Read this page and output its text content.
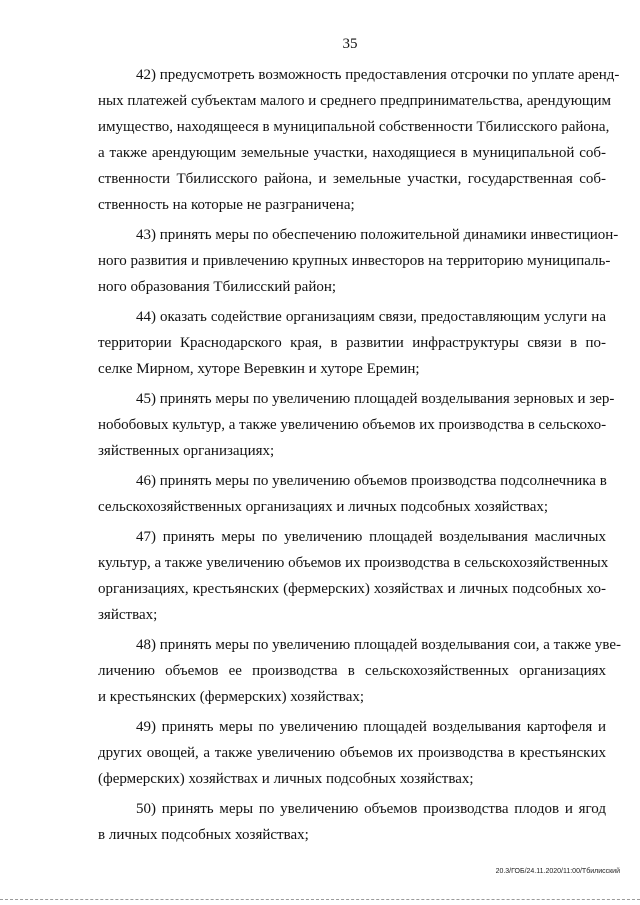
35
42) предусмотреть возможность предоставления отсрочки по уплате аренд-
ных платежей субъектам малого и среднего предпринимательства, арендующим
имущество, находящееся в муниципальной собственности Тбилисского района,
а также арендующим земельные участки, находящиеся в муниципальной соб-
ственности Тбилисского района, и земельные участки, государственная соб-
ственность на которые не разграничена;
43) принять меры по обеспечению положительной динамики инвестицион-
ного развития и привлечению крупных инвесторов на территорию муниципаль-
ного образования Тбилисский район;
44) оказать содействие организациям связи, предоставляющим услуги на
территории Краснодарского края, в развитии инфраструктуры связи в по-
селке Мирном, хуторе Веревкин и хуторе Еремин;
45) принять меры по увеличению площадей возделывания зерновых и зер-
нобобовых культур, а также увеличению объемов их производства в сельскохо-
зяйственных организациях;
46) принять меры по увеличению объемов производства подсолнечника в
сельскохозяйственных организациях и личных подсобных хозяйствах;
47) принять меры по увеличению площадей возделывания масличных
культур, а также увеличению объемов их производства в сельскохозяйственных
организациях, крестьянских (фермерских) хозяйствах и личных подсобных хо-
зяйствах;
48) принять меры по увеличению площадей возделывания сои, а также уве-
личению объемов ее производства в сельскохозяйственных организациях
и крестьянских (фермерских) хозяйствах;
49) принять меры по увеличению площадей возделывания картофеля и
других овощей, а также увеличению объемов их производства в крестьянских
(фермерских) хозяйствах и личных подсобных хозяйствах;
50) принять меры по увеличению объемов производства плодов и ягод
в личных подсобных хозяйствах;
20.3/ГОБ/24.11.2020/11:00/Тбилисский
